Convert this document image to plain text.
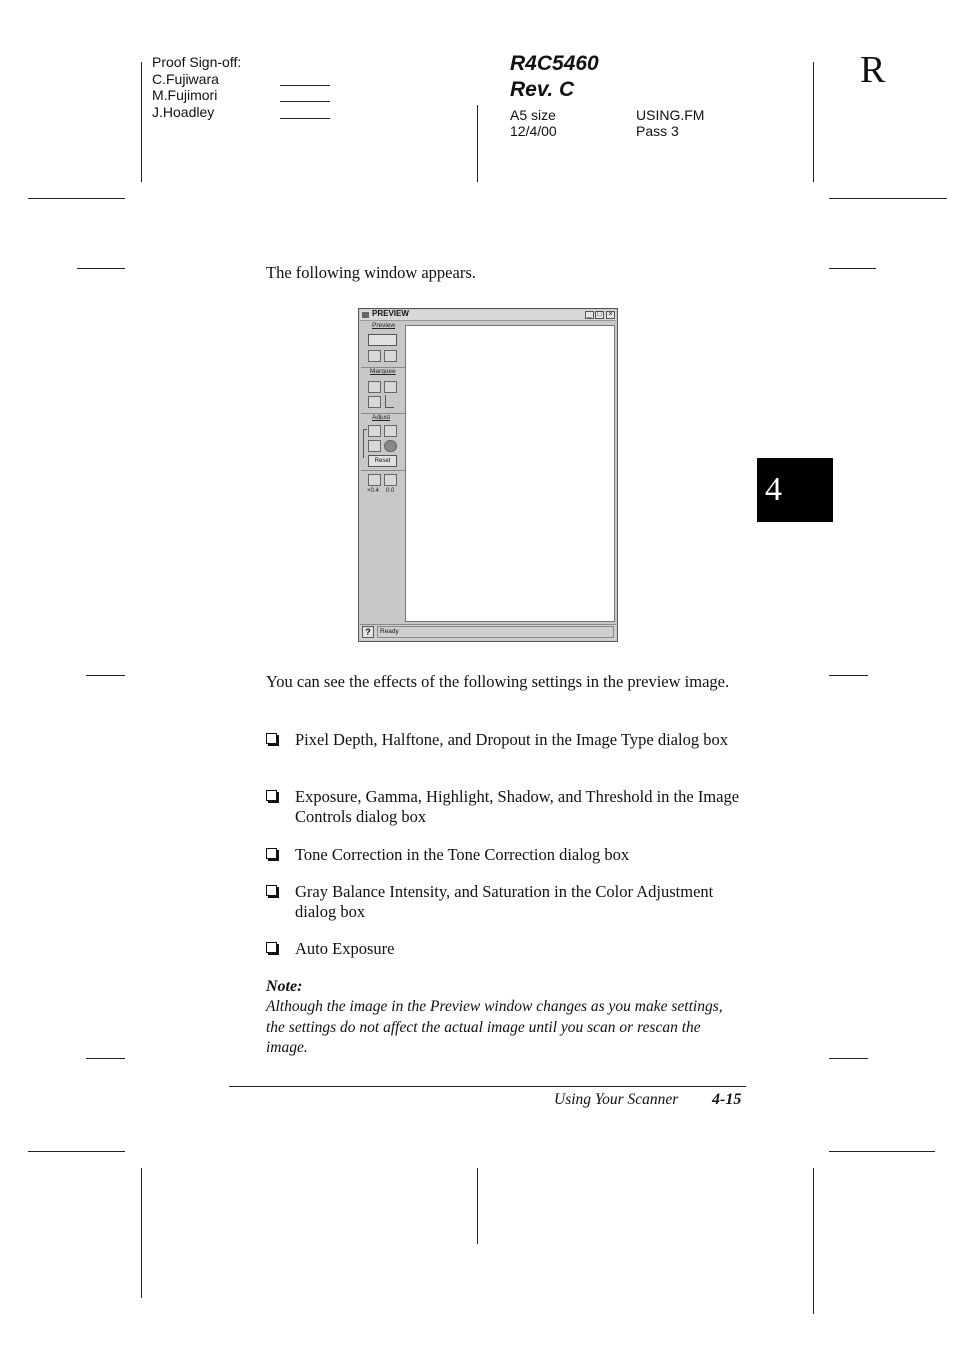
Proof Sign-off:
C.Fujiwara
M.Fujimori
J.Hoadley
R4C5460
Rev. C
A5 size
12/4/00
USING.FM
Pass 3
R
4
The following window appears.
PREVIEW	_ □ ×
Preview
Marquee
Adjust
Reset
×0.4 0.0
?	Ready
You can see the effects of the following settings in the preview image.
Pixel Depth, Halftone, and Dropout in the Image Type dialog box
Exposure, Gamma, Highlight, Shadow, and Threshold in the Image Controls dialog box
Tone Correction in the Tone Correction dialog box
Gray Balance Intensity, and Saturation in the Color Adjustment dialog box
Auto Exposure
Note:
Although the image in the Preview window changes as you make settings, the settings do not affect the actual image until you scan or rescan the image.
Using Your Scanner 4-15
